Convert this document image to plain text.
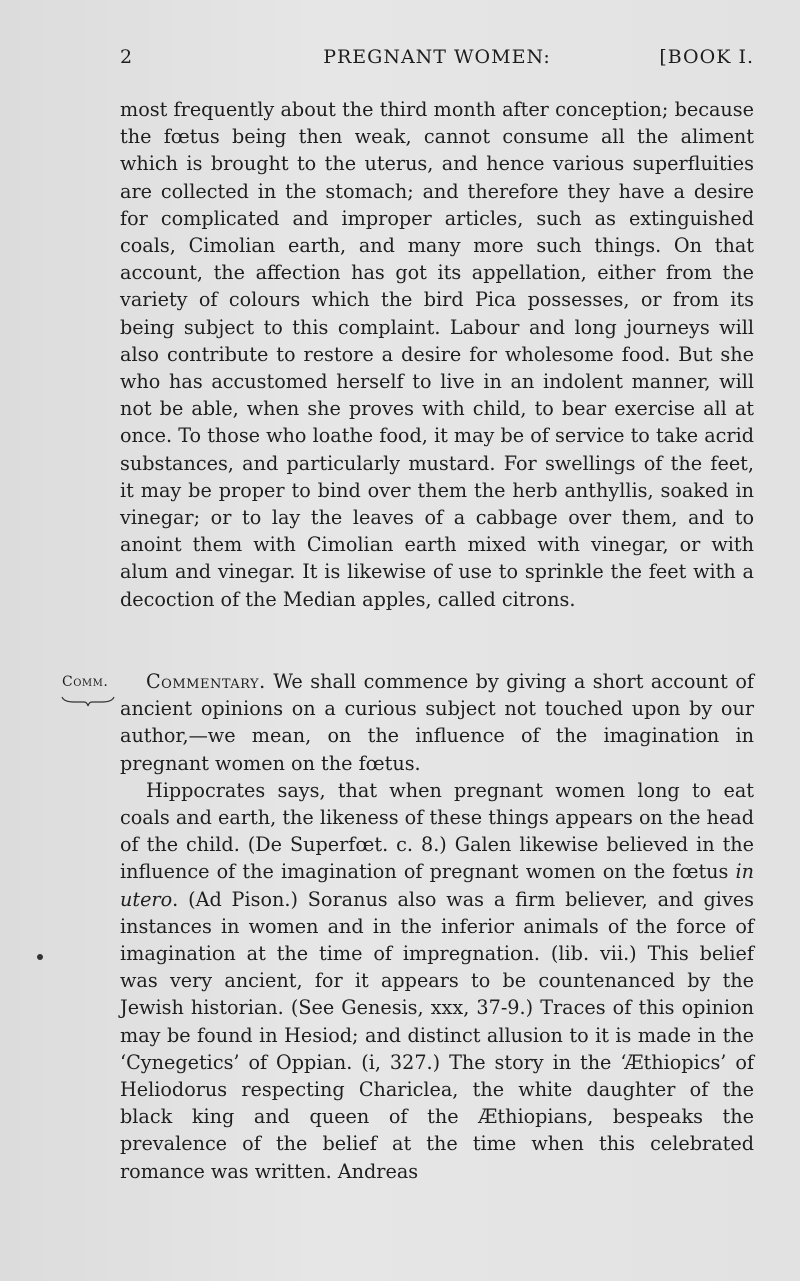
2	PREGNANT WOMEN:	[BOOK I.

most frequently about the third month after conception; because the fœtus being then weak, cannot consume all the aliment which is brought to the uterus, and hence various superfluities are collected in the stomach; and therefore they have a desire for complicated and improper articles, such as extinguished coals, Cimolian earth, and many more such things. On that account, the affection has got its appellation, either from the variety of colours which the bird Pica possesses, or from its being subject to this complaint. Labour and long journeys will also contribute to restore a desire for wholesome food. But she who has accustomed herself to live in an indolent manner, will not be able, when she proves with child, to bear exercise all at once. To those who loathe food, it may be of service to take acrid substances, and particularly mustard. For swellings of the feet, it may be proper to bind over them the herb anthyllis, soaked in vinegar; or to lay the leaves of a cabbage over them, and to anoint them with Cimolian earth mixed with vinegar, or with alum and vinegar. It is likewise of use to sprinkle the feet with a decoction of the Median apples, called citrons.

Comm.	Commentary. We shall commence by giving a short account of ancient opinions on a curious subject not touched upon by our author,—we mean, on the influence of the imagination in pregnant women on the fœtus.

Hippocrates says, that when pregnant women long to eat coals and earth, the likeness of these things appears on the head of the child. (De Superfœt. c. 8.) Galen likewise believed in the influence of the imagination of pregnant women on the fœtus in utero. (Ad Pison.) Soranus also was a firm believer, and gives instances in women and in the inferior animals of the force of imagination at the time of impregnation. (lib. vii.) This belief was very ancient, for it appears to be countenanced by the Jewish historian. (See Genesis, xxx, 37-9.) Traces of this opinion may be found in Hesiod; and distinct allusion to it is made in the ‘Cynegetics’ of Oppian. (i, 327.) The story in the ‘Æthiopics’ of Heliodorus respecting Chariclea, the white daughter of the black king and queen of the Æthiopians, bespeaks the prevalence of the belief at the time when this celebrated romance was written. Andreas
